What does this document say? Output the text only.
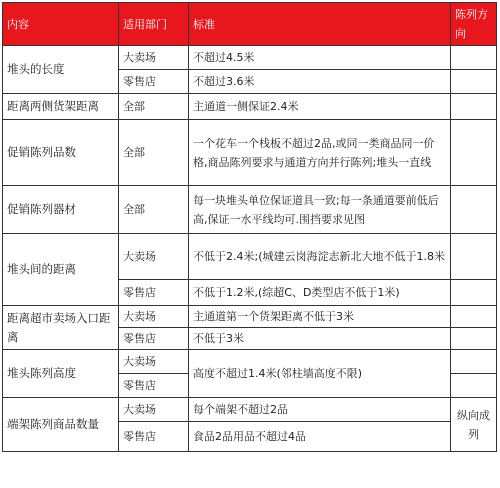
内容	适用部门	标准	陈列方向
堆头的长度	大卖场	不超过4.5米	
	零售店	不超过3.6米	
距离两侧货架距离	全部	主通道一侧保证2.4米	
促销陈列品数	全部	一个花车一个栈板不超过2品,或同一类商品同一价格,商品陈列要求与通道方向并行陈列;堆头一直线	
促销陈列器材	全部	每一块堆头单位保证道具一致;每一条通道要前低后高,保证一水平线均可.围挡要求见图	
堆头间的距离	大卖场	不低于2.4米;(城建云岗海淀志新北大地不低于1.8米	
	零售店	不低于1.2米,(综超C、D类型店不低于1米)	
距离超市卖场入口距离	大卖场	主通道第一个货架距离不低于3米	
	零售店	不低于3米	
堆头陈列高度	大卖场	高度不超过1.4米(邻柱墙高度不限)	
	零售店		
端架陈列商品数量	大卖场	每个端架不超过2品	纵向成列
	零售店	食品2品用品不超过4品	
